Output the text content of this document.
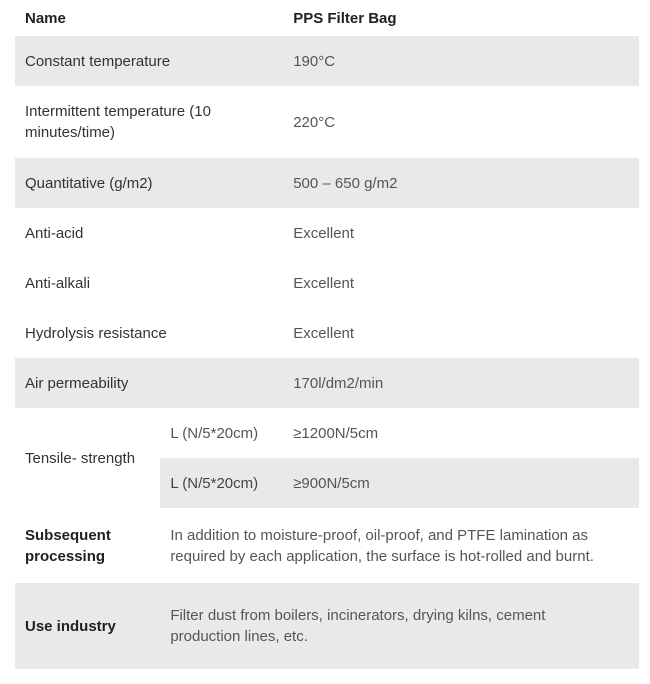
Name		PPS Filter Bag
Constant temperature		190°C
Intermittent temperature (10 minutes/time)		220°C
Quantitative (g/m2)		500 – 650 g/m2
Anti-acid		Excellent
Anti-alkali		Excellent
Hydrolysis resistance		Excellent
Air permeability		170l/dm2/min
Tensile- strength	L (N/5*20cm)	≥1200N/5cm
	L (N/5*20cm)	≥900N/5cm
Subsequent processing	In addition to moisture-proof, oil-proof, and PTFE lamination as required by each application, the surface is hot-rolled and burnt.	
Use industry	Filter dust from boilers, incinerators, drying kilns, cement production lines, etc.	
